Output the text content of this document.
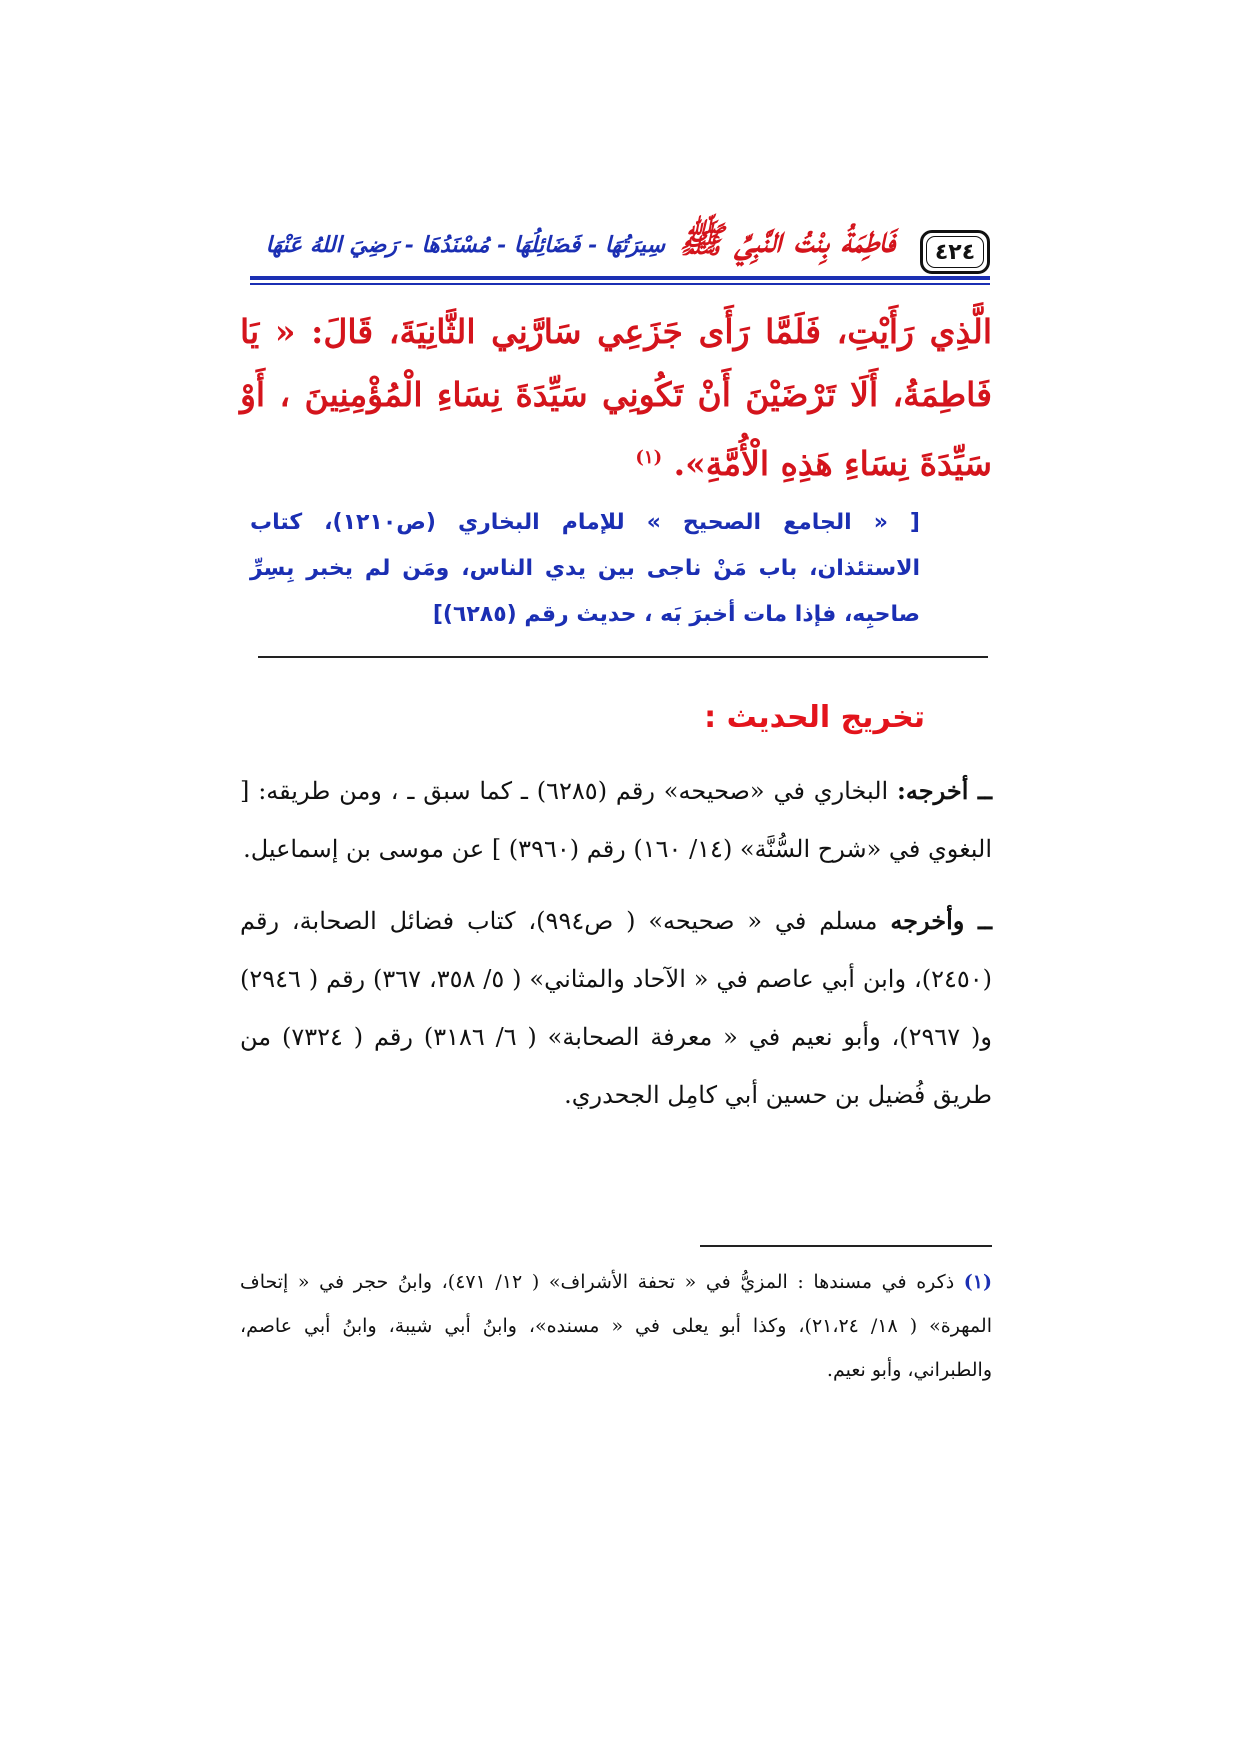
٤٢٤
فَاطِمَةُ بِنْتُ النَّبِيِّ ﷺ
سِيرَتُهَا - فَضَائِلُهَا - مُسْنَدُهَا - رَضِيَ اللهُ عَنْهَا
الَّذِي رَأَيْتِ، فَلَمَّا رَأَى جَزَعِي سَارَّنِي الثَّانِيَةَ، قَالَ: « يَا فَاطِمَةُ، أَلَا تَرْضَيْنَ أَنْ تَكُونِي سَيِّدَةَ نِسَاءِ الْمُؤْمِنِينَ ، أَوْ سَيِّدَةَ نِسَاءِ هَذِهِ الْأُمَّةِ». $^{(١)}$
[ « الجامع الصحيح » للإمام البخاري (ص١٢١٠)، كتاب الاستئذان، باب مَنْ ناجى بين يدي الناس، ومَن لم يخبر بِسِرِّ صاحبِه، فإذا مات أخبرَ بَه ، حديث رقم (٦٢٨٥)]
تخريج الحديث :

ــ أخرجه: البخاري في «صحيحه» رقم (٦٢٨٥) ـ كما سبق ـ ، ومن طريقه: [ البغوي في «شرح السُّنَّة» (١٤/ ١٦٠) رقم (٣٩٦٠) ] عن موسى بن إسماعيل.

ــ وأخرجه مسلم في « صحيحه» ( ص٩٩٤)، كتاب فضائل الصحابة، رقم (٢٤٥٠)، وابن أبي عاصم في « الآحاد والمثاني» ( ٥/ ٣٥٨، ٣٦٧) رقم ( ٢٩٤٦) و( ٢٩٦٧)، وأبو نعيم في « معرفة الصحابة» ( ٦/ ٣١٨٦) رقم ( ٧٣٢٤) من طريق فُضيل بن حسين أبي كامِل الجحدري.

(١) ذكره في مسندها : المزيُّ في « تحفة الأشراف» ( ١٢/ ٤٧١)، وابنُ حجر في « إتحاف المهرة» ( ١٨/ ٢١،٢٤)، وكذا أبو يعلى في « مسنده»، وابنُ أبي شيبة، وابنُ أبي عاصم، والطبراني، وأبو نعيم.
